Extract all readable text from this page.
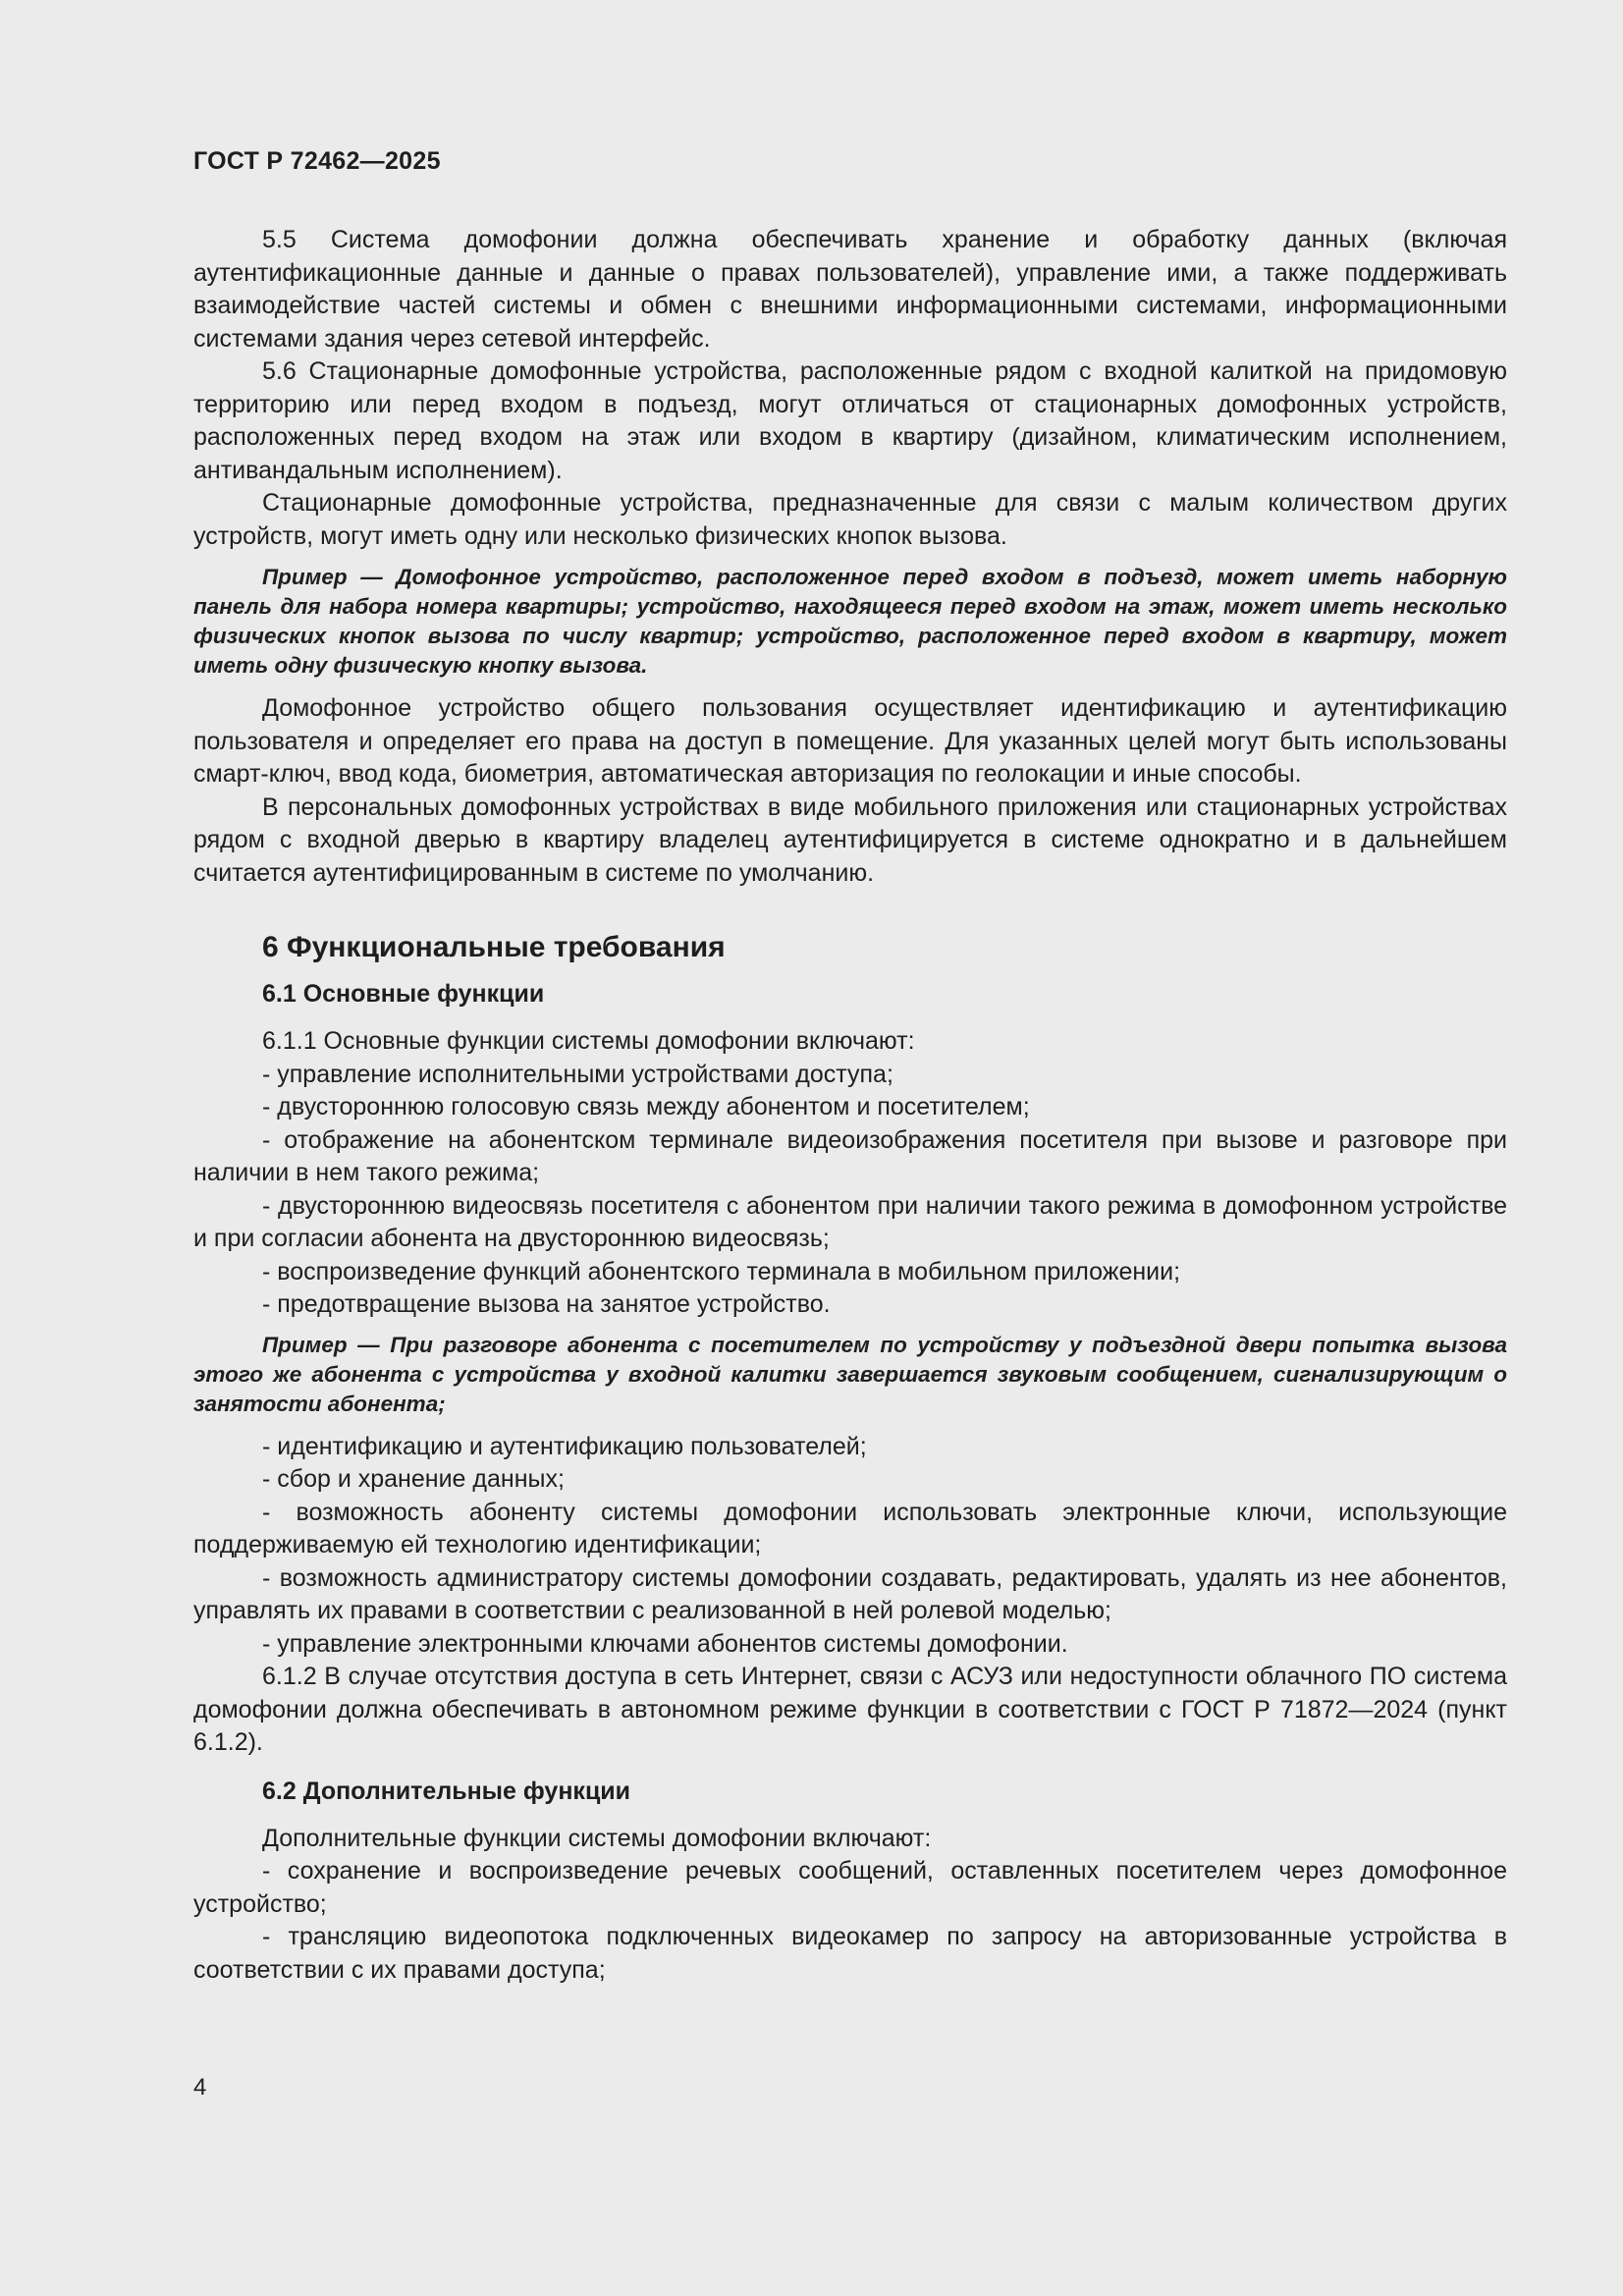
ГОСТ Р 72462—2025

5.5 Система домофонии должна обеспечивать хранение и обработку данных (включая аутентификационные данные и данные о правах пользователей), управление ими, а также поддерживать взаимодействие частей системы и обмен с внешними информационными системами, информационными системами здания через сетевой интерфейс.

5.6 Стационарные домофонные устройства, расположенные рядом с входной калиткой на придомовую территорию или перед входом в подъезд, могут отличаться от стационарных домофонных устройств, расположенных перед входом на этаж или входом в квартиру (дизайном, климатическим исполнением, антивандальным исполнением).

Стационарные домофонные устройства, предназначенные для связи с малым количеством других устройств, могут иметь одну или несколько физических кнопок вызова.

Пример — Домофонное устройство, расположенное перед входом в подъезд, может иметь наборную панель для набора номера квартиры; устройство, находящееся перед входом на этаж, может иметь несколько физических кнопок вызова по числу квартир; устройство, расположенное перед входом в квартиру, может иметь одну физическую кнопку вызова.

Домофонное устройство общего пользования осуществляет идентификацию и аутентификацию пользователя и определяет его права на доступ в помещение. Для указанных целей могут быть использованы смарт-ключ, ввод кода, биометрия, автоматическая авторизация по геолокации и иные способы.

В персональных домофонных устройствах в виде мобильного приложения или стационарных устройствах рядом с входной дверью в квартиру владелец аутентифицируется в системе однократно и в дальнейшем считается аутентифицированным в системе по умолчанию.

6 Функциональные требования
6.1 Основные функции

6.1.1 Основные функции системы домофонии включают:

- управление исполнительными устройствами доступа;

- двустороннюю голосовую связь между абонентом и посетителем;

- отображение на абонентском терминале видеоизображения посетителя при вызове и разговоре при наличии в нем такого режима;

- двустороннюю видеосвязь посетителя с абонентом при наличии такого режима в домофонном устройстве и при согласии абонента на двустороннюю видеосвязь;

- воспроизведение функций абонентского терминала в мобильном приложении;

- предотвращение вызова на занятое устройство.

Пример — При разговоре абонента с посетителем по устройству у подъездной двери попытка вызова этого же абонента с устройства у входной калитки завершается звуковым сообщением, сигнализирующим о занятости абонента;

- идентификацию и аутентификацию пользователей;

- сбор и хранение данных;

- возможность абоненту системы домофонии использовать электронные ключи, использующие поддерживаемую ей технологию идентификации;

- возможность администратору системы домофонии создавать, редактировать, удалять из нее абонентов, управлять их правами в соответствии с реализованной в ней ролевой моделью;

- управление электронными ключами абонентов системы домофонии.

6.1.2 В случае отсутствия доступа в сеть Интернет, связи с АСУЗ или недоступности облачного ПО система домофонии должна обеспечивать в автономном режиме функции в соответствии с ГОСТ Р 71872—2024 (пункт 6.1.2).

6.2 Дополнительные функции

Дополнительные функции системы домофонии включают:

- сохранение и воспроизведение речевых сообщений, оставленных посетителем через домофонное устройство;

- трансляцию видеопотока подключенных видеокамер по запросу на авторизованные устройства в соответствии с их правами доступа;

4
